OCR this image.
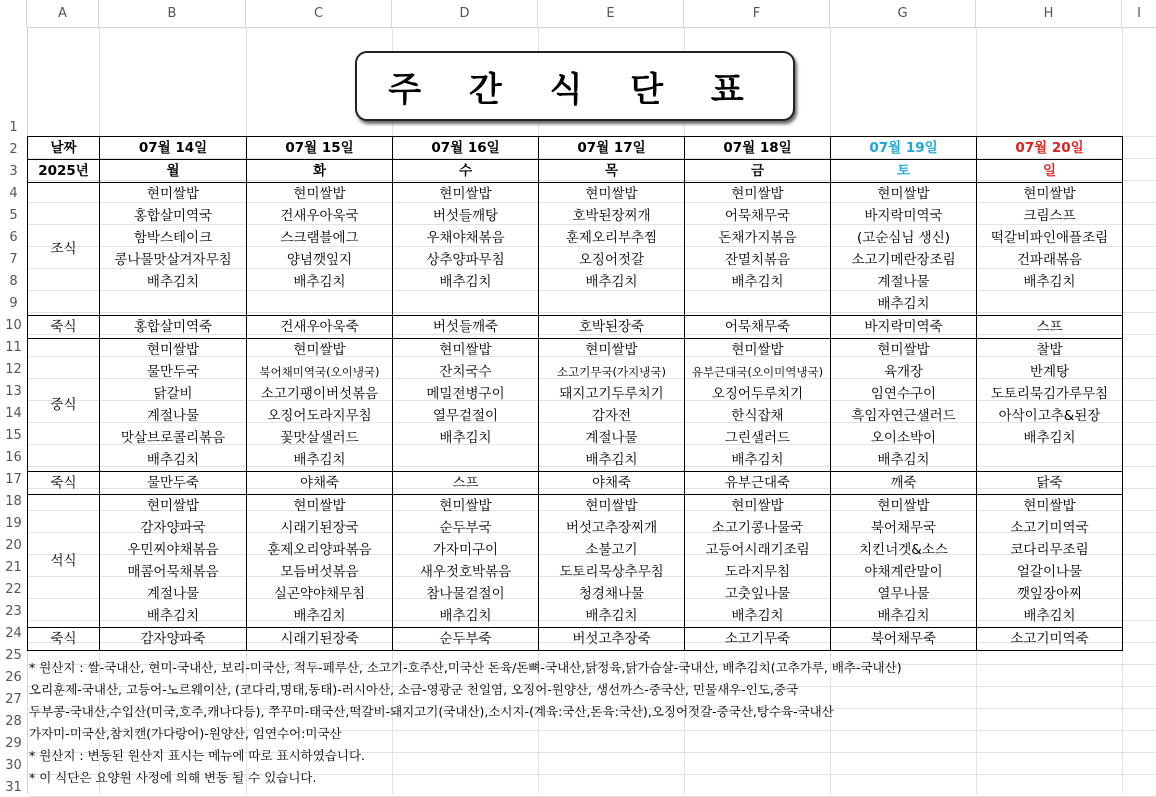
A	B	C	D	E	F	G	H	I
1
2
3
4
5
6
7
8
9
10
11
12
13
14
15
16
17
18
19
20
21
22
23
24
25
26
27
28
29
30
31
주 간 식 단 표
날짜	07월 14일	07월 15일	07월 16일	07월 17일	07월 18일	07월 19일	07월 20일
2025년	월	화	수	목	금	토	일
조식	현미쌀밥	현미쌀밥	현미쌀밥	현미쌀밥	현미쌀밥	현미쌀밥	현미쌀밥
	홍합살미역국	건새우아욱국	버섯들깨탕	호박된장찌개	어묵채무국	바지락미역국	크림스프
	함박스테이크	스크램블에그	우채야채볶음	훈제오리부추찜	돈채가지볶음	(고순심님 생신)	떡갈비파인애플조림
	콩나물맛살겨자무침	양념깻잎지	상추양파무침	오징어젓갈	잔멸치볶음	소고기메란장조림	건파래볶음
	배추김치	배추김치	배추김치	배추김치	배추김치	계절나물	배추김치
						배추김치	
죽식	홍합살미역죽	건새우아욱죽	버섯들깨죽	호박된장죽	어묵채무죽	바지락미역죽	스프
중식	현미쌀밥	현미쌀밥	현미쌀밥	현미쌀밥	현미쌀밥	현미쌀밥	찰밥
	물만두국	북어채미역국(오이냉국)	잔치국수	소고기무국(가지냉국)	유부근대국(오이미역냉국)	육개장	반계탕
	닭갈비	소고기팽이버섯볶음	메밀전병구이	돼지고기두루치기	오징어두루치기	임연수구이	도토리묵김가루무침
	계절나물	오징어도라지무침	열무겉절이	감자전	한식잡채	흑임자연근샐러드	아삭이고추&된장
	맛살브로콜리볶음	꽃맛살샐러드	배추김치	계절나물	그린샐러드	오이소박이	배추김치
	배추김치	배추김치		배추김치	배추김치	배추김치	
죽식	물만두죽	야채죽	스프	야채죽	유부근대죽	깨죽	닭죽
석식	현미쌀밥	현미쌀밥	현미쌀밥	현미쌀밥	현미쌀밥	현미쌀밥	현미쌀밥
	감자양파국	시래기된장국	순두부국	버섯고추장찌개	소고기콩나물국	북어채무국	소고기미역국
	우민찌야채볶음	훈제오리양파볶음	가자미구이	소불고기	고등어시래기조림	치킨너겟&소스	코다리무조림
	매콤어묵채볶음	모듬버섯볶음	새우젓호박볶음	도토리묵상추무침	도라지무침	야채계란말이	얼갈이나물
	계절나물	실곤약야채무침	참나물겉절이	청경채나물	고춧잎나물	열무나물	깻잎장아찌
	배추김치	배추김치	배추김치	배추김치	배추김치	배추김치	배추김치
죽식	감자양파죽	시래기된장죽	순두부죽	버섯고추장죽	소고기무죽	북어채무죽	소고기미역죽
* 원산지 : 쌀-국내산, 현미-국내산, 보리-미국산, 적두-페루산, 소고기-호주산,미국산 돈육/돈뼈-국내산,닭정육,닭가슴살-국내산, 배추김치(고추가루, 배추-국내산)
오리훈제-국내산, 고등어-노르웨이산, (코다리,명태,동태)-러시아산, 소금-영광군 천일염, 오징어-원양산, 생선까스-중국산, 민물새우-인도,중국
두부콩-국내산,수입산(미국,호주,캐나다등), 쭈꾸미-태국산,떡갈비-돼지고기(국내산),소시지-(계육:국산,돈육:국산),오징어젓갈-중국산,탕수육-국내산
가자미-미국산,참치캔(가다랑어)-원양산, 임연수어:미국산
* 원산지 : 변동된 원산지 표시는 메뉴에 따로 표시하였습니다.
* 이 식단은 요양원 사정에 의해 변동 될 수 있습니다.
